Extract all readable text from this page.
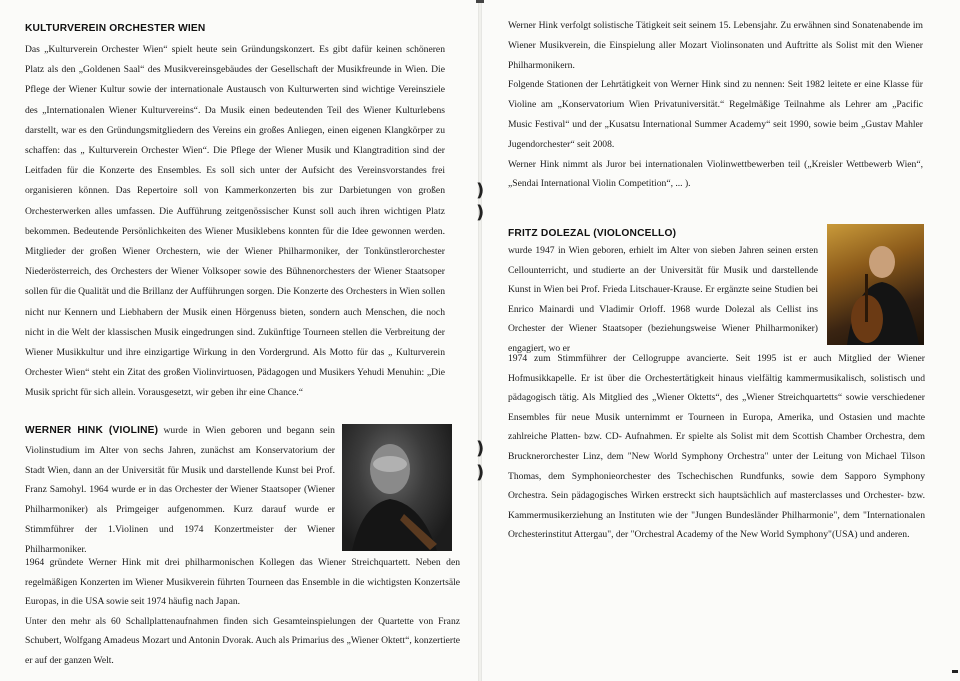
)
)
)
)
KULTURVEREIN ORCHESTER WIEN

Das „Kulturverein Orchester Wien“ spielt heute sein Gründungskonzert. Es gibt dafür keinen schöneren Platz als den „Goldenen Saal“ des Musikvereinsgebäudes der Gesellschaft der Musikfreunde in Wien. Die Pflege der Wiener Kultur sowie der internationale Austausch von Kulturwerten sind wichtige Vereinsziele des „Internationalen Wiener Kulturvereins“. Da Musik einen bedeutenden Teil des Wiener Kulturlebens darstellt, war es den Gründungsmitgliedern des Vereins ein großes Anliegen, einen eigenen Klangkörper zu schaffen: das „ Kulturverein Orchester Wien“. Die Pflege der Wiener Musik und Klangtradition sind der Leitfaden für die Konzerte des Ensembles. Es soll sich unter der Aufsicht des Vereinsvorstandes frei organisieren können. Das Repertoire soll von Kammerkonzerten bis zur Darbietungen von großen Orchesterwerken alles umfassen. Die Aufführung zeitgenössischer Kunst soll auch ihren wichtigen Platz bekommen. Bedeutende Persönlichkeiten des Wiener Musiklebens konnten für die Idee gewonnen werden. Mitglieder der großen Wiener Orchestern, wie der Wiener Philharmoniker, der Tonkünstlerorchester Niederösterreich, des Orchesters der Wiener Volksoper sowie des Bühnenorchesters der Wiener Staatsoper sollen für die Qualität und die Brillanz der Aufführungen sorgen. Die Konzerte des Orchesters in Wien sollen nicht nur Kennern und Liebhabern der Musik einen Hörgenuss bieten, sondern auch Menschen, die noch nicht in die Welt der klassischen Musik eingedrungen sind. Zukünftige Tourneen stellen die Verbreitung der Wiener Musikkultur und ihre einzigartige Wirkung in den Vordergrund. Als Motto für das „ Kulturverein Orchester Wien“ steht ein Zitat des großen Violinvirtuosen, Pädagogen und Musikers Yehudi Menuhin: „Die Musik spricht für sich allein. Vorausgesetzt, wir geben ihr eine Chance.“

WERNER HINK (VIOLINE) wurde in Wien geboren und begann sein Violinstudium im Alter von sechs Jahren, zunächst am Konservatorium der Stadt Wien, dann an der Universität für Musik und darstellende Kunst bei Prof. Franz Samohyl. 1964 wurde er in das Orchester der Wiener Staatsoper (Wiener Philharmoniker) als Primgeiger aufgenommen. Kurz darauf wurde er Stimmführer der 1.Violinen und 1974 Konzertmeister der Wiener Philharmoniker.

1964 gründete Werner Hink mit drei philharmonischen Kollegen das Wiener Streichquartett. Neben den regelmäßigen Konzerten im Wiener Musikverein führten Tourneen das Ensemble in die wichtigsten Konzertsäle Europas, in die USA sowie seit 1974 häufig nach Japan.

Unter den mehr als 60 Schallplattenaufnahmen finden sich Gesamteinspielungen der Quartette von Franz Schubert, Wolfgang Amadeus Mozart und Antonin Dvorak. Auch als Primarius des „Wiener Oktett“, konzertierte er auf der ganzen Welt.

Werner Hink verfolgt solistische Tätigkeit seit seinem 15. Lebensjahr. Zu erwähnen sind Sonatenabende im Wiener Musikverein, die Einspielung aller Mozart Violinsonaten und Auftritte als Solist mit den Wiener Philharmonikern.

Folgende Stationen der Lehrtätigkeit von Werner Hink sind zu nennen: Seit 1982 leitete er eine Klasse für Violine am „Konservatorium Wien Privatuniversität.“ Regelmäßige Teilnahme als Lehrer am „Pacific Music Festival“ und der „Kusatsu International Summer Academy“ seit 1990, sowie beim „Gustav Mahler Jugendorchester“ seit 2008.

Werner Hink nimmt als Juror bei internationalen Violinwettbewerben teil („Kreisler Wettbewerb Wien“, „Sendai International Violin Competition“, ... ).

FRITZ DOLEZAL (VIOLONCELLO)

wurde 1947 in Wien geboren, erhielt im Alter von sieben Jahren seinen ersten Cellounterricht, und studierte an der Universität für Musik und darstellende Kunst in Wien bei Prof. Frieda Litschauer-Krause. Er ergänzte seine Studien bei Enrico Mainardi und Vladimir Orloff. 1968 wurde Dolezal als Cellist ins Orchester der Wiener Staatsoper (beziehungsweise Wiener Philharmoniker) engagiert, wo er

1974 zum Stimmführer der Cellogruppe avancierte. Seit 1995 ist er auch Mitglied der Wiener Hofmusikkapelle. Er ist über die Orchestertätigkeit hinaus vielfältig kammermusikalisch, solistisch und pädagogisch tätig. Als Mitglied des „Wiener Oktetts“, des „Wiener Streichquartetts“ sowie verschiedener Ensembles für neue Musik unternimmt er Tourneen in Europa, Amerika, und Ostasien und machte zahlreiche Platten- bzw. CD- Aufnahmen. Er spielte als Solist mit dem Scottish Chamber Orchestra, dem Brucknerorchester Linz, dem "New World Symphony Orchestra" unter der Leitung von Michael Tilson Thomas, dem Symphonieorchester des Tschechischen Rundfunks, sowie dem Sapporo Symphony Orchestra. Sein pädagogisches Wirken erstreckt sich hauptsächlich auf masterclasses und Orchester- bzw. Kammermusikerziehung an Instituten wie der "Jungen Bundesländer Philharmonie", dem "Internationalen Orchesterinstitut Attergau", der "Orchestral Academy of the New World Symphony"(USA) und anderen.
